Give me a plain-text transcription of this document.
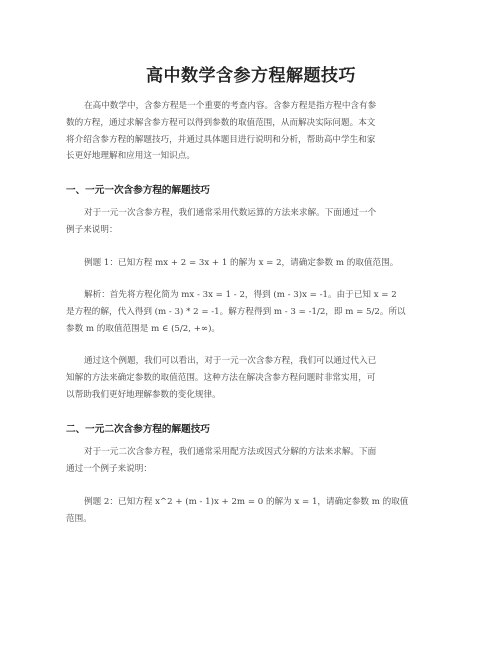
高中数学含参方程解题技巧
在高中数学中，含参方程是一个重要的考查内容。含参方程是指方程中含有参
数的方程，通过求解含参方程可以得到参数的取值范围，从而解决实际问题。本文
将介绍含参方程的解题技巧，并通过具体题目进行说明和分析，帮助高中学生和家
长更好地理解和应用这一知识点。
一、一元一次含参方程的解题技巧
对于一元一次含参方程，我们通常采用代数运算的方法来求解。下面通过一个
例子来说明：
例题 1：已知方程 mx + 2 = 3x + 1 的解为 x = 2，请确定参数 m 的取值范围。
解析：首先将方程化简为 mx - 3x = 1 - 2，得到 (m - 3)x = -1。由于已知 x = 2
是方程的解，代入得到 (m - 3) * 2 = -1。解方程得到 m - 3 = -1/2，即 m = 5/2。所以
参数 m 的取值范围是 m ∈ (5/2, +∞)。
通过这个例题，我们可以看出，对于一元一次含参方程，我们可以通过代入已
知解的方法来确定参数的取值范围。这种方法在解决含参方程问题时非常实用，可
以帮助我们更好地理解参数的变化规律。
二、一元二次含参方程的解题技巧
对于一元二次含参方程，我们通常采用配方法或因式分解的方法来求解。下面
通过一个例子来说明：
例题 2：已知方程 x^2 + (m - 1)x + 2m = 0 的解为 x = 1，请确定参数 m 的取值
范围。
